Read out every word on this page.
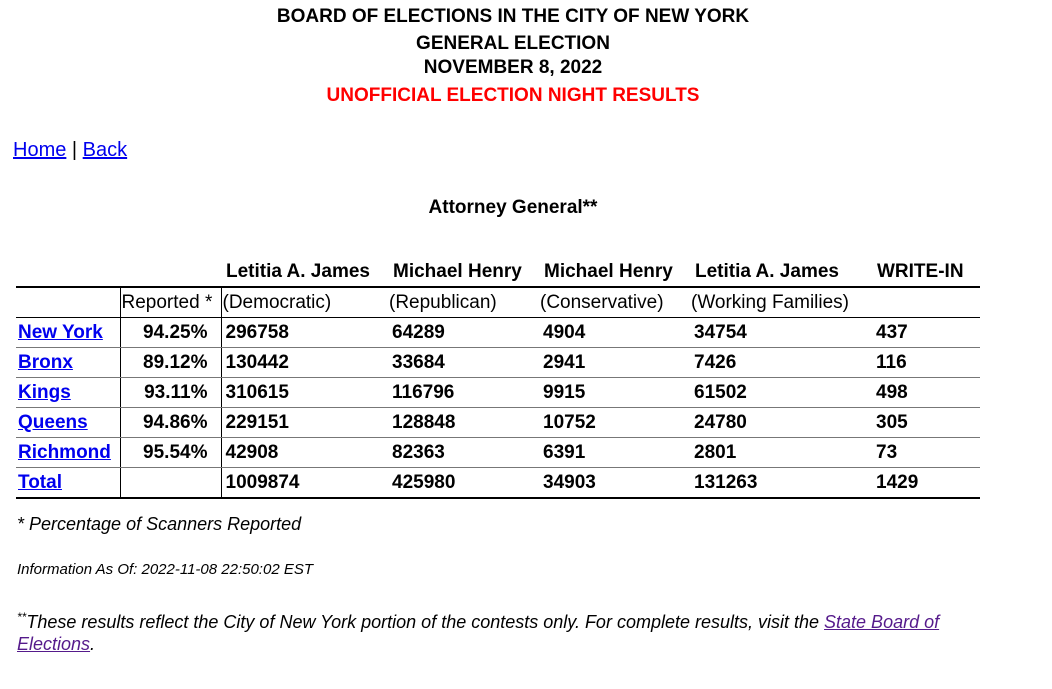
BOARD OF ELECTIONS IN THE CITY OF NEW YORK
GENERAL ELECTION
NOVEMBER 8, 2022
UNOFFICIAL ELECTION NIGHT RESULTS
Home | Back
Attorney General**
		Letitia A. James	Michael Henry	Michael Henry	Letitia A. James	WRITE-IN
	Reported *	(Democratic)	(Republican)	(Conservative)	(Working Families)	
New York	94.25%	296758	64289	4904	34754	437
Bronx	89.12%	130442	33684	2941	7426	116
Kings	93.11%	310615	116796	9915	61502	498
Queens	94.86%	229151	128848	10752	24780	305
Richmond	95.54%	42908	82363	6391	2801	73
Total		1009874	425980	34903	131263	1429
* Percentage of Scanners Reported
Information As Of: 2022-11-08 22:50:02 EST
**These results reflect the City of New York portion of the contests only. For complete results, visit the State Board of Elections.
